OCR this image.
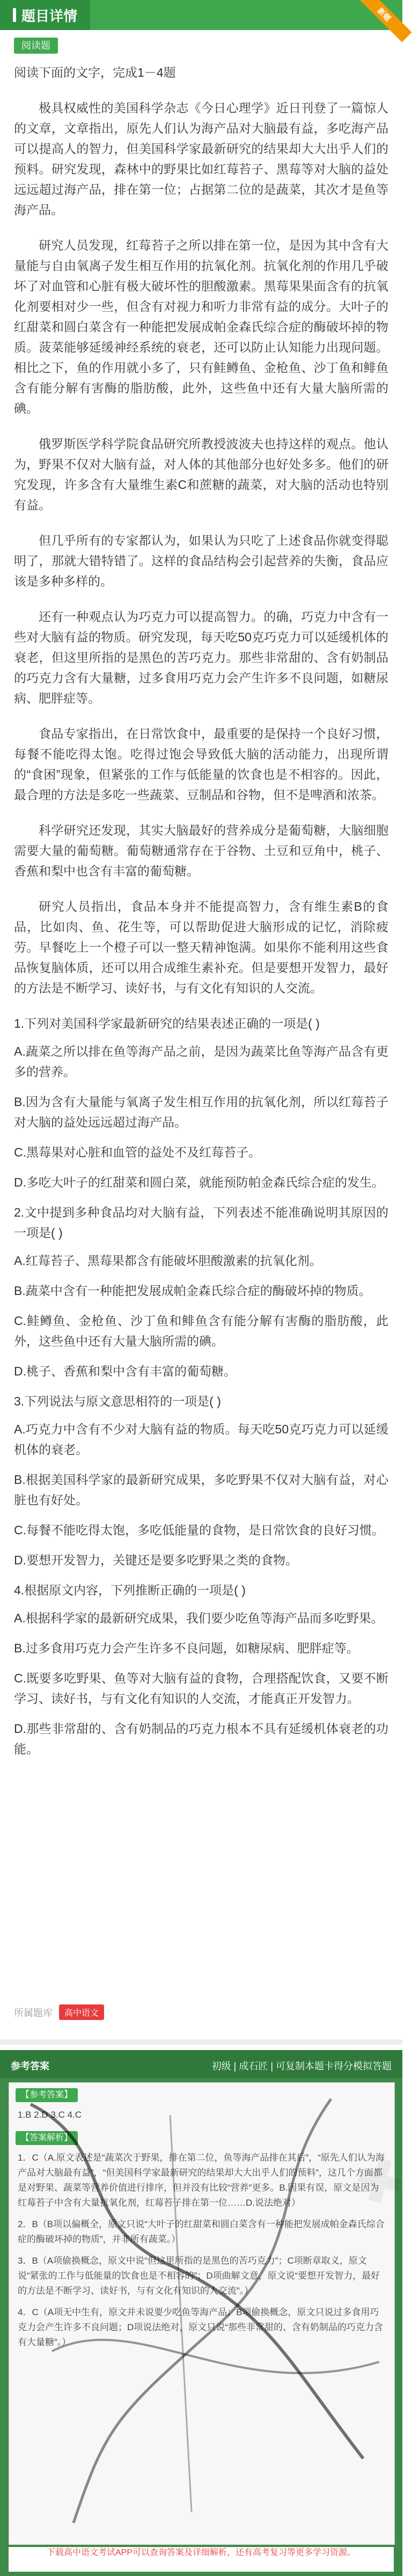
题目详情	新题
阅读题

阅读下面的文字，完成1－4题

极具权威性的美国科学杂志《今日心理学》近日刊登了一篇惊人的文章，文章指出，原先人们认为海产品对大脑最有益，多吃海产品可以提高人的智力，但美国科学家最新研究的结果却大大出乎人们的预料。研究发现，森林中的野果比如红莓苔子、黑莓等对大脑的益处远远超过海产品，排在第一位；占据第二位的是蔬菜，其次才是鱼等海产品。

研究人员发现，红莓苔子之所以排在第一位，是因为其中含有大量能与自由氧离子发生相互作用的抗氧化剂。抗氧化剂的作用几乎破坏了对血管和心脏有极大破坏性的胆酸激素。黑莓果果面含有的抗氧化剂要相对少一些，但含有对视力和听力非常有益的成分。大叶子的红甜菜和圆白菜含有一种能把发展成帕金森氏综合症的酶破坏掉的物质。菠菜能够延缓神经系统的衰老，还可以防止认知能力出现问题。相比之下，鱼的作用就小多了，只有鲑鳟鱼、金枪鱼、沙丁鱼和鲱鱼含有能分解有害酶的脂肪酸，此外，这些鱼中还有大量大脑所需的碘。

俄罗斯医学科学院食品研究所教授波波夫也持这样的观点。他认为，野果不仅对大脑有益，对人体的其他部分也好处多多。他们的研究发现，许多含有大量维生素C和蔗糖的蔬菜，对大脑的活动也特别有益。

但几乎所有的专家都认为，如果认为只吃了上述食品你就变得聪明了，那就大错特错了。这样的食品结构会引起营养的失衡，食品应该是多种多样的。

还有一种观点认为巧克力可以提高智力。的确，巧克力中含有一些对大脑有益的物质。研究发现，每天吃50克巧克力可以延缓机体的衰老，但这里所指的是黑色的苦巧克力。那些非常甜的、含有奶制品的巧克力含有大量糖，过多食用巧克力会产生许多不良问题，如糖尿病、肥胖症等。

食品专家指出，在日常饮食中，最重要的是保持一个良好习惯，每餐不能吃得太饱。吃得过饱会导致低大脑的活动能力，出现所谓的“食困”现象，但紧张的工作与低能量的饮食也是不相容的。因此，最合理的方法是多吃一些蔬菜、豆制品和谷物，但不是啤酒和浓茶。

科学研究还发现，其实大脑最好的营养成分是葡萄糖，大脑细胞需要大量的葡萄糖。葡萄糖通常存在于谷物、土豆和豆角中，桃子、香蕉和梨中也含有丰富的葡萄糖。

研究人员指出，食品本身并不能提高智力，含有维生素B的食品，比如肉、鱼、花生等，可以帮助促进大脑形成的记忆，消除疲劳。早餐吃上一个橙子可以一整天精神饱满。如果你不能利用这些食品恢复脑体质，还可以用合成维生素补充。但是要想开发智力，最好的方法是不断学习、读好书，与有文化有知识的人交流。

1.下列对美国科学家最新研究的结果表述正确的一项是( )

A.蔬菜之所以排在鱼等海产品之前，是因为蔬菜比鱼等海产品含有更多的营养。

B.因为含有大量能与氧离子发生相互作用的抗氧化剂，所以红莓苔子对大脑的益处远远超过海产品。

C.黑莓果对心脏和血管的益处不及红莓苔子。

D.多吃大叶子的红甜菜和圆白菜，就能预防帕金森氏综合症的发生。

2.文中提到多种食品均对大脑有益，下列表述不能准确说明其原因的一项是( )

A.红莓苔子、黑莓果都含有能破坏胆酸激素的抗氧化剂。

B.蔬菜中含有一种能把发展成帕金森氏综合症的酶破坏掉的物质。

C.鲑鳟鱼、金枪鱼、沙丁鱼和鲱鱼含有能分解有害酶的脂肪酸，此外，这些鱼中还有大量大脑所需的碘。

D.桃子、香蕉和梨中含有丰富的葡萄糖。

3.下列说法与原文意思相符的一项是( )

A.巧克力中含有不少对大脑有益的物质。每天吃50克巧克力可以延缓机体的衰老。

B.根据美国科学家的最新研究成果，多吃野果不仅对大脑有益，对心脏也有好处。

C.每餐不能吃得太饱，多吃低能量的食物，是日常饮食的良好习惯。

D.要想开发智力，关键还是要多吃野果之类的食物。

4.根据原文内容，下列推断正确的一项是( )

A.根据科学家的最新研究成果，我们要少吃鱼等海产品而多吃野果。

B.过多食用巧克力会产生许多不良问题，如糖尿病、肥胖症等。

C.既要多吃野果、鱼等对大脑有益的食物，合理搭配饮食，又要不断学习、读好书，与有文化有知识的人交流，才能真正开发智力。

D.那些非常甜的、含有奶制品的巧克力根本不具有延缓机体衰老的功能。

所属题库	高中语文
参考答案	初级 | 成石匠 | 可复制本题卡得分模拟答题
✖
【参考答案】
1.B 2.D 3.C 4.C
【答案解析】

1．C（A.原文表述是“蔬菜次于野果，排在第二位，鱼等海产品排在其后”，“原先人们认为海产品对大脑最有益”，“但美国科学家最新研究的结果却大大出乎人们的预料”，这几个方面都是对野果、蔬菜等营养价值进行排序，但并没有比较“营养”更多。B.因果有误，原文是因为红莓苔子中含有大量抗氧化剂，红莓苔子排在第一位……D.说法绝对）

2．B（B项以偏概全，原文只说“大叶子的红甜菜和圆白菜含有一种能把发展成帕金森氏综合症的酶破坏掉的物质”，并非所有蔬菜。）

3．B（A项偷换概念，原文中说“但这里所指的是黑色的苦巧克力”；C项断章取义，原文说“紧张的工作与低能量的饮食也是不相容的”；D项曲解文意，原文说“要想开发智力，最好的方法是不断学习、读好书，与有文化有知识的人交流”。）

4．C（A项无中生有，原文并未说要少吃鱼等海产品；B项偷换概念，原文只说过多食用巧克力会产生许多不良问题；D项说法绝对，原文只说“那些非常甜的、含有奶制品的巧克力含有大量糖”。）

下载高中语文考试APP可以查询答案及详细解析，还有高考复习等更多学习资源。
